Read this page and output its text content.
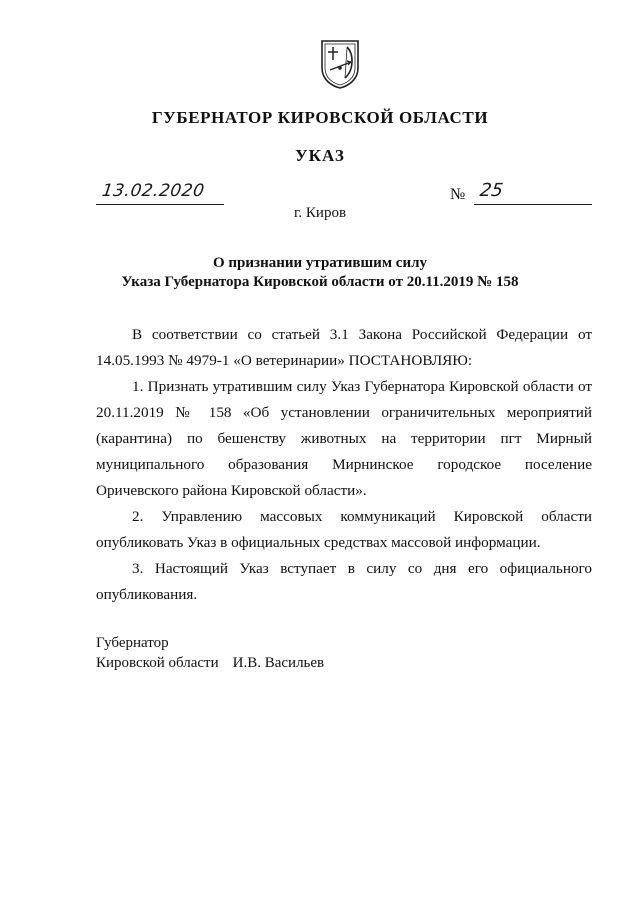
ГУБЕРНАТОР КИРОВСКОЙ ОБЛАСТИ
УКАЗ
13.02.2020	№ 25
г. Киров
О признании утратившим силу
Указа Губернатора Кировской области от 20.11.2019 № 158

В соответствии со статьей 3.1 Закона Российской Федерации от 14.05.1993 № 4979-1 «О ветеринарии» ПОСТАНОВЛЯЮ:

1. Признать утратившим силу Указ Губернатора Кировской области от 20.11.2019 № 158 «Об установлении ограничительных мероприятий (карантина) по бешенству животных на территории пгт Мирный муниципального образования Мирнинское городское поселение Оричевского района Кировской области».

2. Управлению массовых коммуникаций Кировской области опубликовать Указ в официальных средствах массовой информации.

3. Настоящий Указ вступает в силу со дня его официального опубликования.

Губернатор
Кировской области И.В. Васильев
